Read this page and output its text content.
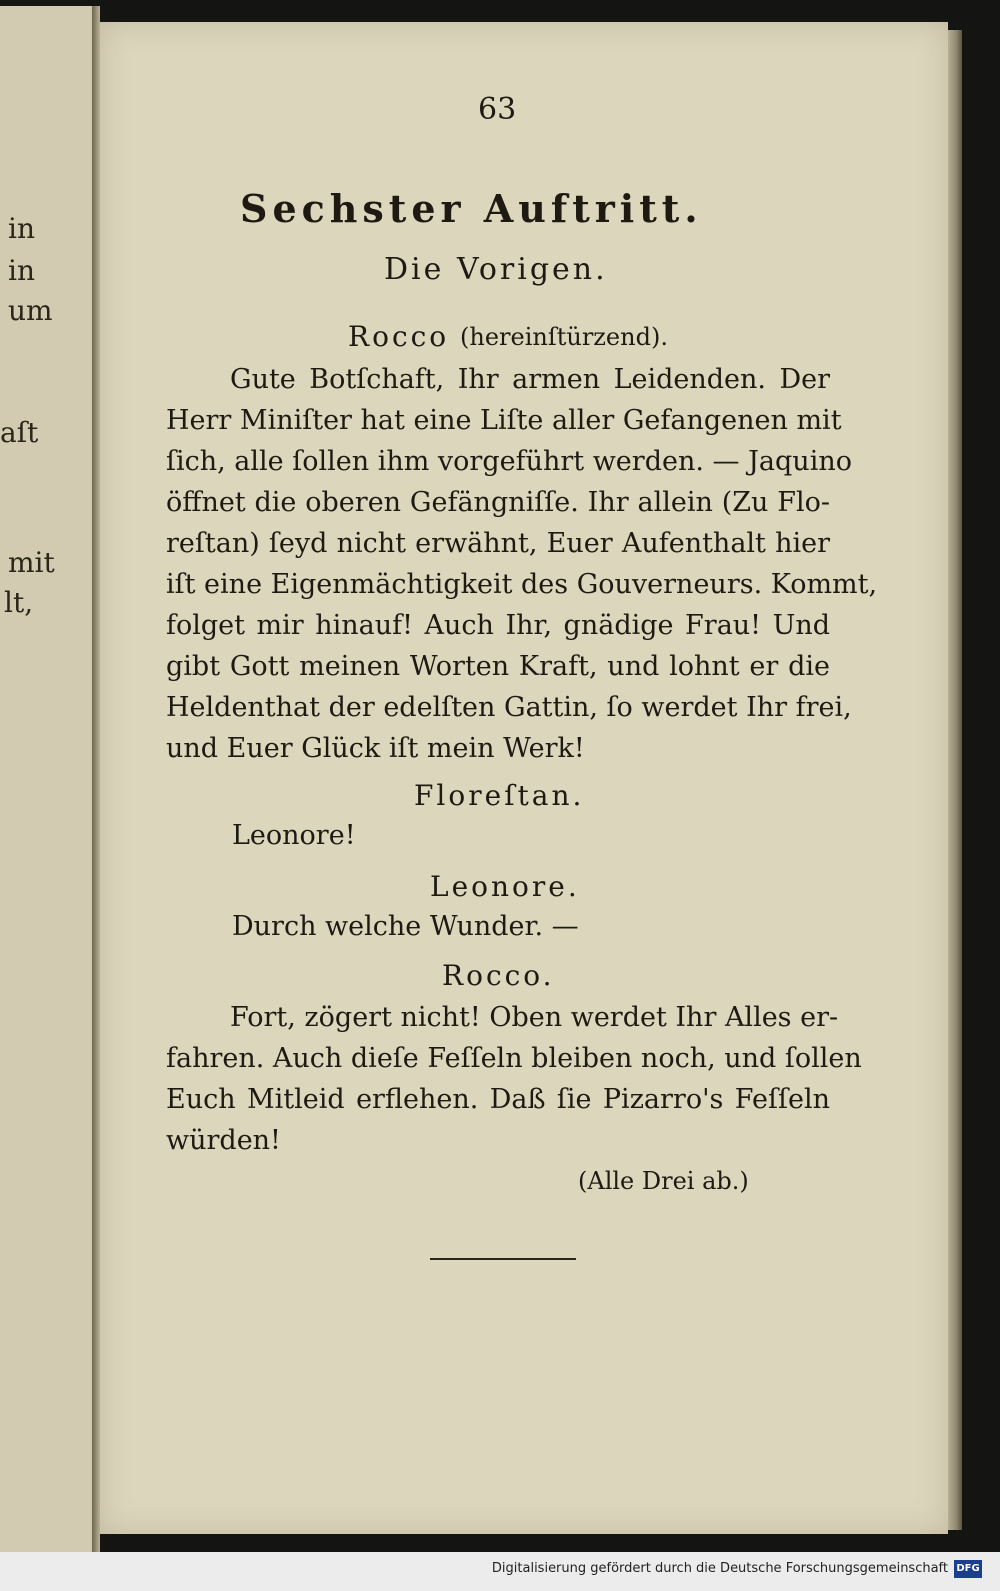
in
in
um
aſt
mit
lt,
63
Sechster Auftritt.
Die Vorigen.
Rocco (hereinſtürzend).
Gute Botſchaft, Ihr armen Leidenden. Der
Herr Miniſter hat eine Liſte aller Gefangenen mit
ſich, alle ſollen ihm vorgeführt werden. — Jaquino
öffnet die oberen Gefängniſſe. Ihr allein (Zu Flo-
reſtan) ſeyd nicht erwähnt, Euer Aufenthalt hier
iſt eine Eigenmächtigkeit des Gouverneurs. Kommt,
folget mir hinauf! Auch Ihr, gnädige Frau! Und
gibt Gott meinen Worten Kraft, und lohnt er die
Heldenthat der edelſten Gattin, ſo werdet Ihr frei,
und Euer Glück iſt mein Werk!
Floreſtan.
Leonore!
Leonore.
Durch welche Wunder. —
Rocco.
Fort, zögert nicht! Oben werdet Ihr Alles er-
fahren. Auch dieſe Feſſeln bleiben noch, und ſollen
Euch Mitleid erflehen. Daß ſie Pizarro's Feſſeln
würden!
(Alle Drei ab.)
Digitalisierung gefördert durch die Deutsche Forschungsgemeinschaft DFG
